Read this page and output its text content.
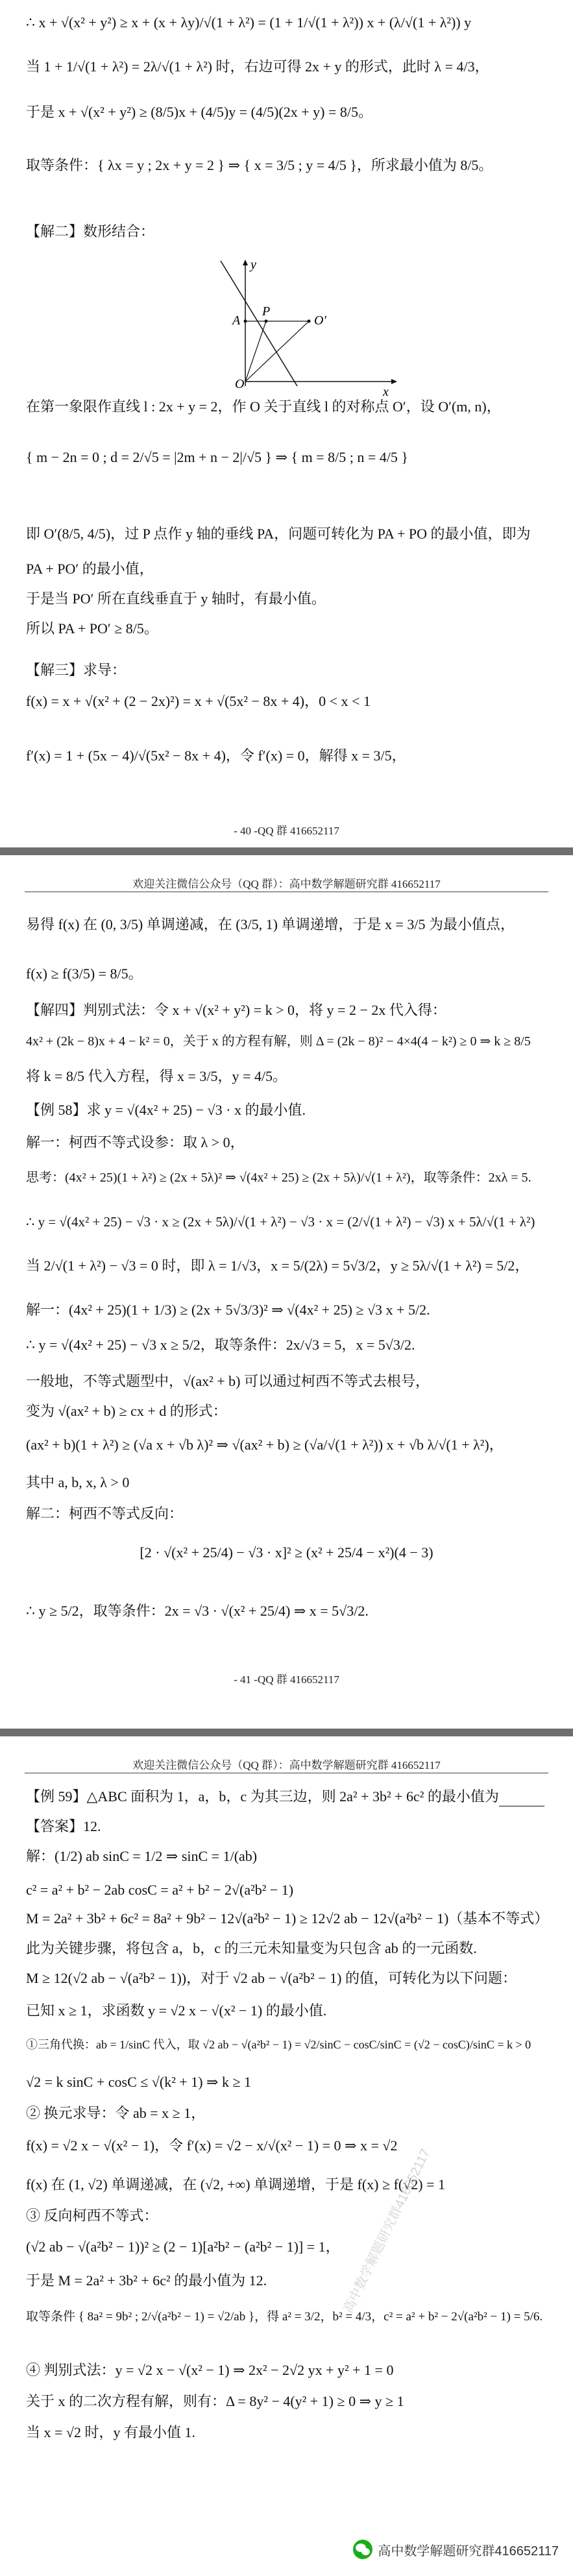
∴ x + √(x² + y²) ≥ x + (x + λy)/√(1 + λ²) = (1 + 1/√(1 + λ²)) x + (λ/√(1 + λ²)) y
当 1 + 1/√(1 + λ²) = 2λ/√(1 + λ²) 时，右边可得 2x + y 的形式，此时 λ = 4/3，
于是 x + √(x² + y²) ≥ (8/5)x + (4/5)y = (4/5)(2x + y) = 8/5。
取等条件：{ λx = y ; 2x + y = 2 } ⇒ { x = 3/5 ; y = 4/5 }，所求最小值为 8/5。
【解二】数形结合：
在第一象限作直线 l : 2x + y = 2，作 O 关于直线 l 的对称点 O′，设 O′(m, n)，
{ m − 2n = 0 ; d = 2/√5 = |2m + n − 2|/√5 } ⇒ { m = 8/5 ; n = 4/5 }
即 O′(8/5, 4/5)，过 P 点作 y 轴的垂线 PA，问题可转化为 PA + PO 的最小值，即为
PA + PO′ 的最小值，
于是当 PO′ 所在直线垂直于 y 轴时，有最小值。
所以 PA + PO′ ≥ 8/5。
【解三】求导：
f(x) = x + √(x² + (2 − 2x)²) = x + √(5x² − 8x + 4)，0 < x < 1
f′(x) = 1 + (5x − 4)/√(5x² − 8x + 4)，令 f′(x) = 0，解得 x = 3/5，
y
x
O
A
P
O′
- 40 -QQ 群 416652117
欢迎关注微信公众号（QQ 群）：高中数学解题研究群 416652117
易得 f(x) 在 (0, 3/5) 单调递减，在 (3/5, 1) 单调递增，于是 x = 3/5 为最小值点，
f(x) ≥ f(3/5) = 8/5。
【解四】判别式法：令 x + √(x² + y²) = k > 0，将 y = 2 − 2x 代入得：
4x² + (2k − 8)x + 4 − k² = 0，关于 x 的方程有解，则 Δ = (2k − 8)² − 4×4(4 − k²) ≥ 0 ⇒ k ≥ 8/5
将 k = 8/5 代入方程，得 x = 3/5，y = 4/5。
【例 58】求 y = √(4x² + 25) − √3 · x 的最小值.
解一：柯西不等式设参：取 λ > 0，
思考：(4x² + 25)(1 + λ²) ≥ (2x + 5λ)² ⇒ √(4x² + 25) ≥ (2x + 5λ)/√(1 + λ²)，取等条件：2xλ = 5.
∴ y = √(4x² + 25) − √3 · x ≥ (2x + 5λ)/√(1 + λ²) − √3 · x = (2/√(1 + λ²) − √3) x + 5λ/√(1 + λ²)
当 2/√(1 + λ²) − √3 = 0 时，即 λ = 1/√3，x = 5/(2λ) = 5√3/2，y ≥ 5λ/√(1 + λ²) = 5/2，
解一：(4x² + 25)(1 + 1/3) ≥ (2x + 5√3/3)² ⇒ √(4x² + 25) ≥ √3 x + 5/2.
∴ y = √(4x² + 25) − √3 x ≥ 5/2，取等条件：2x/√3 = 5，x = 5√3/2.
一般地，不等式题型中，√(ax² + b) 可以通过柯西不等式去根号，
变为 √(ax² + b) ≥ cx + d 的形式：
(ax² + b)(1 + λ²) ≥ (√a x + √b λ)² ⇒ √(ax² + b) ≥ (√a/√(1 + λ²)) x + √b λ/√(1 + λ²)，
其中 a, b, x, λ > 0
解二：柯西不等式反向：
[2 · √(x² + 25/4) − √3 · x]² ≥ (x² + 25/4 − x²)(4 − 3)
∴ y ≥ 5/2，取等条件：2x = √3 · √(x² + 25/4) ⇒ x = 5√3/2.
- 41 -QQ 群 416652117
欢迎关注微信公众号（QQ 群）：高中数学解题研究群 416652117
【例 59】△ABC 面积为 1，a，b，c 为其三边，则 2a² + 3b² + 6c² 的最小值为
【答案】12.
解：(1/2) ab sinC = 1/2 ⇒ sinC = 1/(ab)
c² = a² + b² − 2ab cosC = a² + b² − 2√(a²b² − 1)
M = 2a² + 3b² + 6c² = 8a² + 9b² − 12√(a²b² − 1) ≥ 12√2 ab − 12√(a²b² − 1)（基本不等式）
此为关键步骤，将包含 a，b，c 的三元未知量变为只包含 ab 的一元函数.
M ≥ 12(√2 ab − √(a²b² − 1))，对于 √2 ab − √(a²b² − 1) 的值，可转化为以下问题：
已知 x ≥ 1，求函数 y = √2 x − √(x² − 1) 的最小值.
①三角代换：ab = 1/sinC 代入，取 √2 ab − √(a²b² − 1) = √2/sinC − cosC/sinC = (√2 − cosC)/sinC = k > 0
√2 = k sinC + cosC ≤ √(k² + 1) ⇒ k ≥ 1
② 换元求导：令 ab = x ≥ 1，
f(x) = √2 x − √(x² − 1)，令 f′(x) = √2 − x/√(x² − 1) = 0 ⇒ x = √2
f(x) 在 (1, √2) 单调递减，在 (√2, +∞) 单调递增，于是 f(x) ≥ f(√2) = 1
③ 反向柯西不等式：
(√2 ab − √(a²b² − 1))² ≥ (2 − 1)[a²b² − (a²b² − 1)] = 1，
于是 M = 2a² + 3b² + 6c² 的最小值为 12.
取等条件 { 8a² = 9b² ; 2/√(a²b² − 1) = √2/ab }，得 a² = 3/2，b² = 4/3，c² = a² + b² − 2√(a²b² − 1) = 5/6.
④ 判别式法：y = √2 x − √(x² − 1) ⇒ 2x² − 2√2 yx + y² + 1 = 0
关于 x 的二次方程有解，则有：Δ = 8y² − 4(y² + 1) ≥ 0 ⇒ y ≥ 1
当 x = √2 时，y 有最小值 1.
高中数学解题研究群416652117
高中数学解题研究群416652117
